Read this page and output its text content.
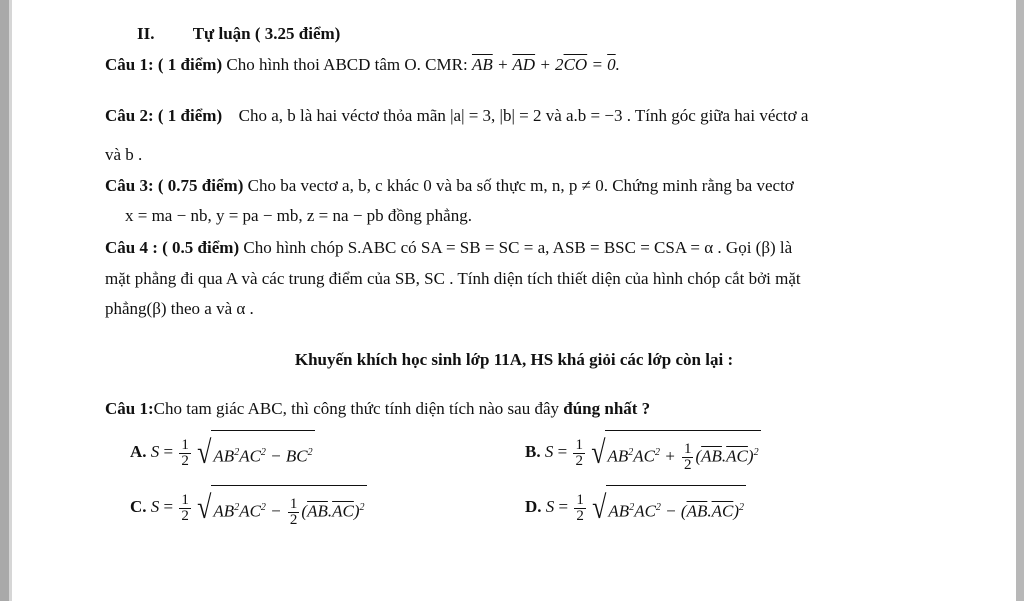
II. Tự luận ( 3.25 điểm)
Câu 1: ( 1 điểm) Cho hình thoi ABCD tâm O. CMR: $\overline{AB} + \overline{AD} + 2\overline{CO} = 0$.
Câu 2: ( 1 điểm) Cho a, b là hai véctơ thỏa mãn |a| = 3, |b| = 2 và a.b = −3 . Tính góc giữa hai véctơ a
và b .
Câu 3: ( 0.75 điểm) Cho ba vectơ a, b, c khác 0 và ba số thực m, n, p ≠ 0. Chứng minh rằng ba vectơ
x = ma − nb, y = pa − mb, z = na − pb đồng phẳng.
Câu 4 : ( 0.5 điểm) Cho hình chóp S.ABC có SA = SB = SC = a, ASB = BSC = CSA = α . Gọi (β) là
mặt phẳng đi qua A và các trung điểm của SB, SC . Tính diện tích thiết diện của hình chóp cắt bởi mặt
phẳng(β) theo a và α .
Khuyến khích học sinh lớp 11A, HS khá giỏi các lớp còn lại :
Câu 1:Cho tam giác ABC, thì công thức tính diện tích nào sau đây đúng nhất ?
A. $S = \frac{1}{2}$ √ $AB^2AC^2 - BC^2$	B. $S = \frac{1}{2}$ √ $AB^2AC^2 + \frac{1}{2} (\overline{AB}.\overline{AC})^2$
C. $S = \frac{1}{2}$ √ $AB^2AC^2 - \frac{1}{2} (\overline{AB}.\overline{AC})^2$	D. $S = \frac{1}{2}$ √ $AB^2AC^2 - (\overline{AB}.\overline{AC})^2$
